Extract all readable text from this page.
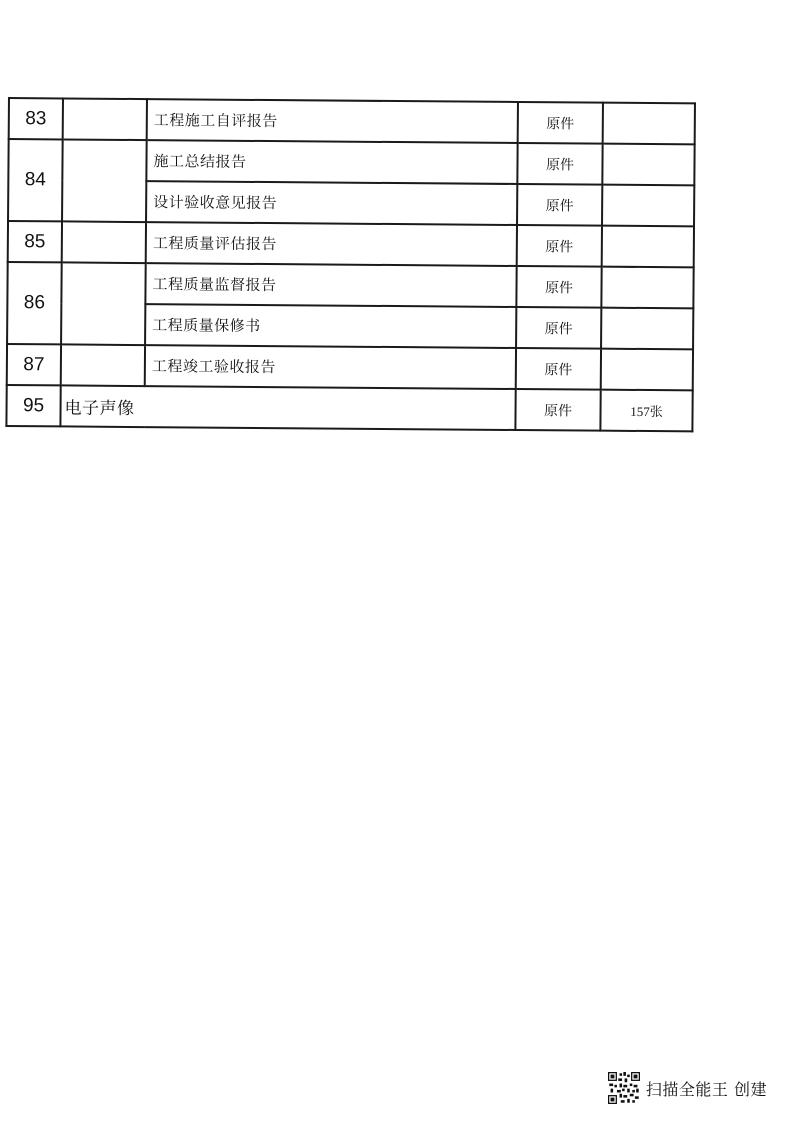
83		工程施工自评报告	原件	
84		施工总结报告	原件	
		设计验收意见报告	原件	
85		工程质量评估报告	原件	
86		工程质量监督报告	原件	
		工程质量保修书	原件	
87		工程竣工验收报告	原件	
95	电子声像		原件	157张
扫描全能王 创建
